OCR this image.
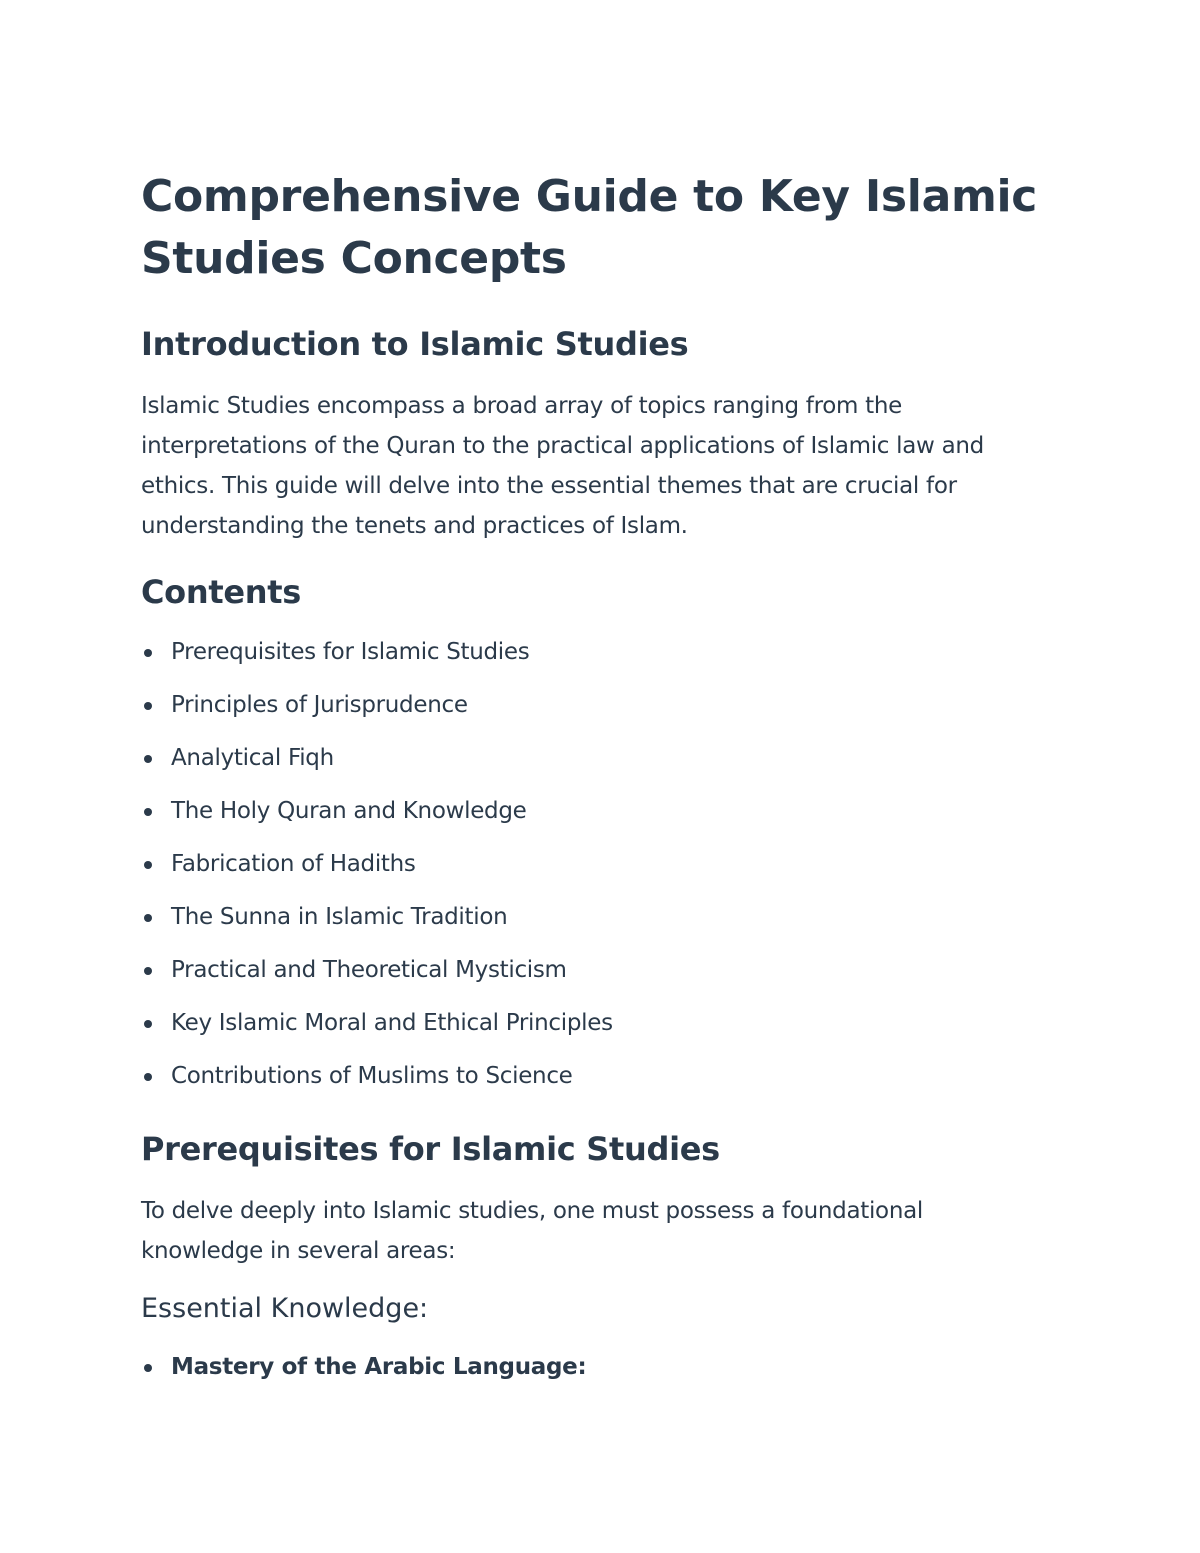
Comprehensive Guide to Key Islamic Studies Concepts
Introduction to Islamic Studies

Islamic Studies encompass a broad array of topics ranging from the interpretations of the Quran to the practical applications of Islamic law and ethics. This guide will delve into the essential themes that are crucial for understanding the tenets and practices of Islam.

Contents
Prerequisites for Islamic Studies
Principles of Jurisprudence
Analytical Fiqh
The Holy Quran and Knowledge
Fabrication of Hadiths
The Sunna in Islamic Tradition
Practical and Theoretical Mysticism
Key Islamic Moral and Ethical Principles
Contributions of Muslims to Science
Prerequisites for Islamic Studies

To delve deeply into Islamic studies, one must possess a foundational knowledge in several areas:

Essential Knowledge:
Mastery of the Arabic Language:
